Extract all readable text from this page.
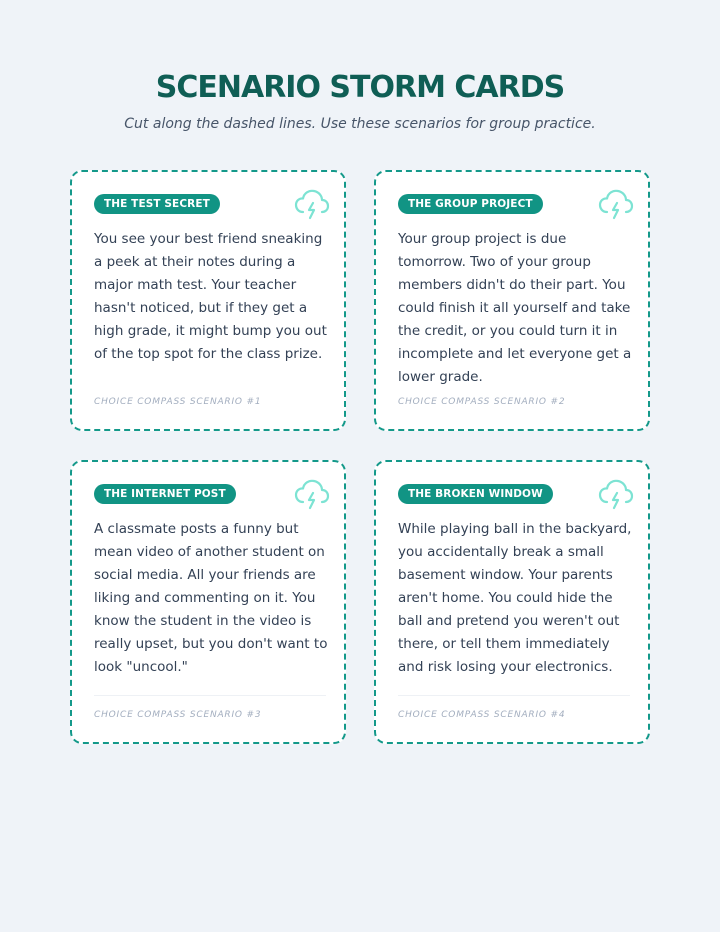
SCENARIO STORM CARDS

Cut along the dashed lines. Use these scenarios for group practice.

THE TEST SECRET

You see your best friend sneaking a peek at their notes during a major math test. Your teacher hasn't noticed, but if they get a high grade, it might bump you out of the top spot for the class prize.

CHOICE COMPASS SCENARIO #1
THE GROUP PROJECT

Your group project is due tomorrow. Two of your group members didn't do their part. You could finish it all yourself and take the credit, or you could turn it in incomplete and let everyone get a lower grade.

CHOICE COMPASS SCENARIO #2
THE INTERNET POST

A classmate posts a funny but mean video of another student on social media. All your friends are liking and commenting on it. You know the student in the video is really upset, but you don't want to look "uncool."

CHOICE COMPASS SCENARIO #3
THE BROKEN WINDOW

While playing ball in the backyard, you accidentally break a small basement window. Your parents aren't home. You could hide the ball and pretend you weren't out there, or tell them immediately and risk losing your electronics.

CHOICE COMPASS SCENARIO #4
